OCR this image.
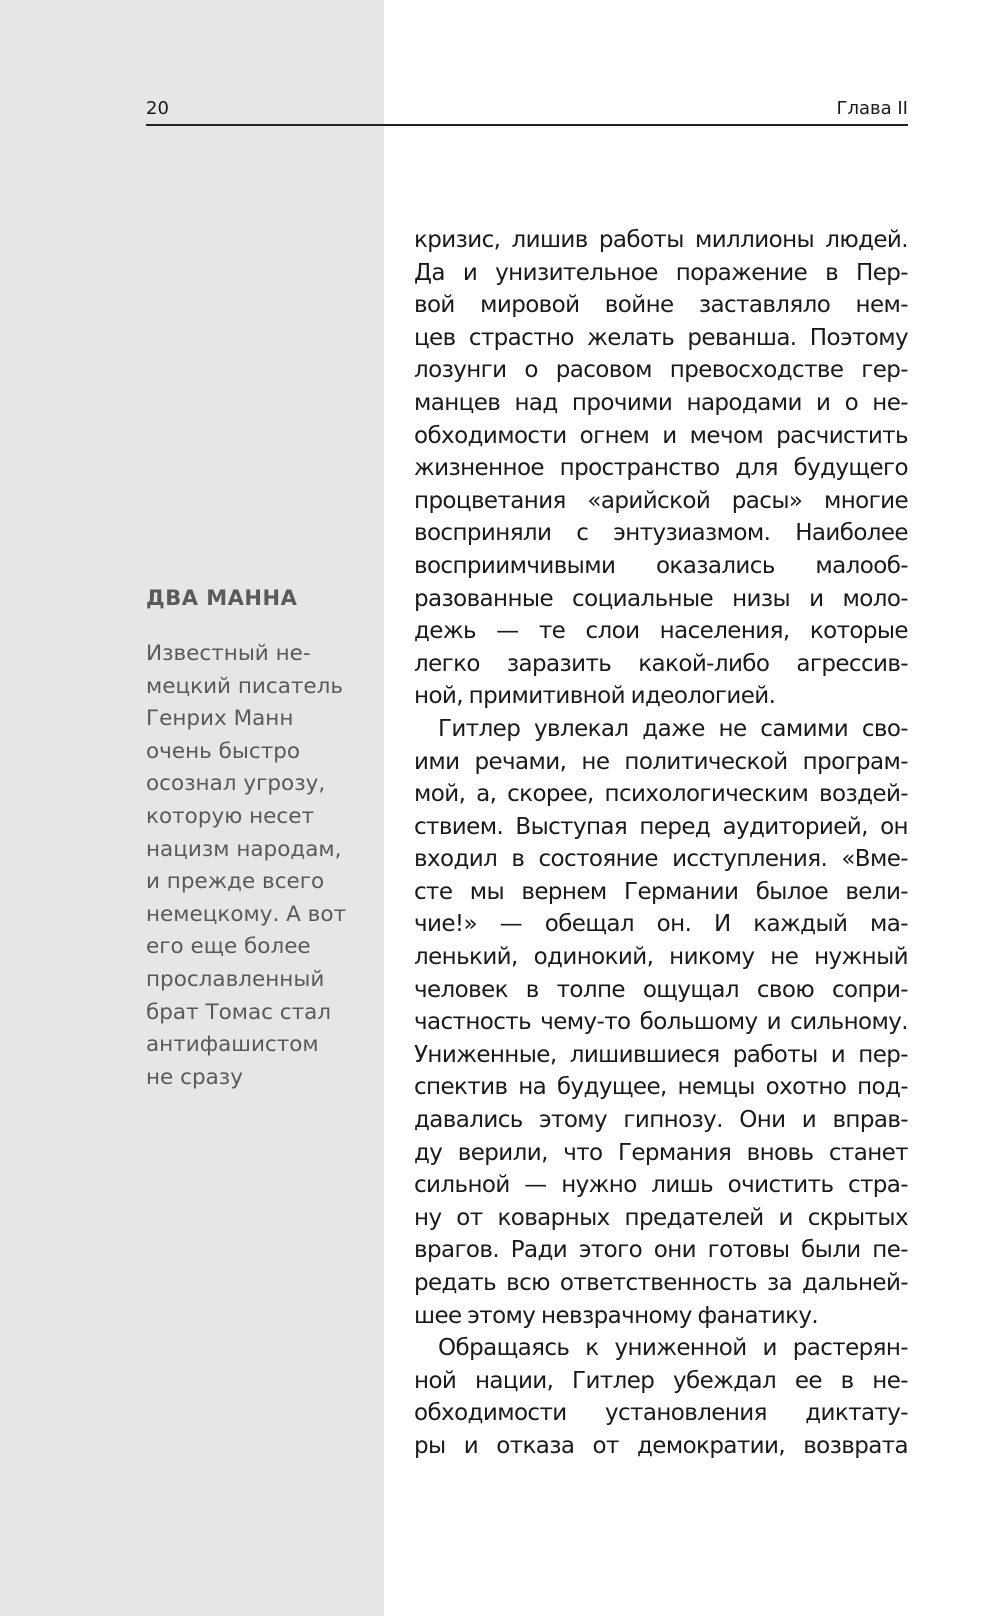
20	Глава II
ДВА МАННА
Известный не-
мецкий писатель
Генрих Манн
очень быстро
осознал угрозу,
которую несет
нацизм народам,
и прежде всего
немецкому. А вот
его еще более
прославленный
брат Томас стал
антифашистом
не сразу
кризис, лишив работы миллионы людей.
Да и унизительное поражение в Пер-
вой мировой войне заставляло нем-
цев страстно желать реванша. Поэтому
лозунги о расовом превосходстве гер-
манцев над прочими народами и о не-
обходимости огнем и мечом расчистить
жизненное пространство для будущего
процветания «арийской расы» многие
восприняли с энтузиазмом. Наиболее
восприимчивыми оказались малооб-
разованные социальные низы и моло-
дежь — те слои населения, которые
легко заразить какой-либо агрессив-
ной, примитивной идеологией.
Гитлер увлекал даже не самими сво-
ими речами, не политической програм-
мой, а, скорее, психологическим воздей-
ствием. Выступая перед аудиторией, он
входил в состояние исступления. «Вме-
сте мы вернем Германии былое вели-
чие!» — обещал он. И каждый ма-
ленький, одинокий, никому не нужный
человек в толпе ощущал свою сопри-
частность чему-то большому и сильному.
Униженные, лишившиеся работы и пер-
спектив на будущее, немцы охотно под-
давались этому гипнозу. Они и вправ-
ду верили, что Германия вновь станет
сильной — нужно лишь очистить стра-
ну от коварных предателей и скрытых
врагов. Ради этого они готовы были пе-
редать всю ответственность за дальней-
шее этому невзрачному фанатику.
Обращаясь к униженной и растерян-
ной нации, Гитлер убеждал ее в не-
обходимости установления диктату-
ры и отказа от демократии, возврата
